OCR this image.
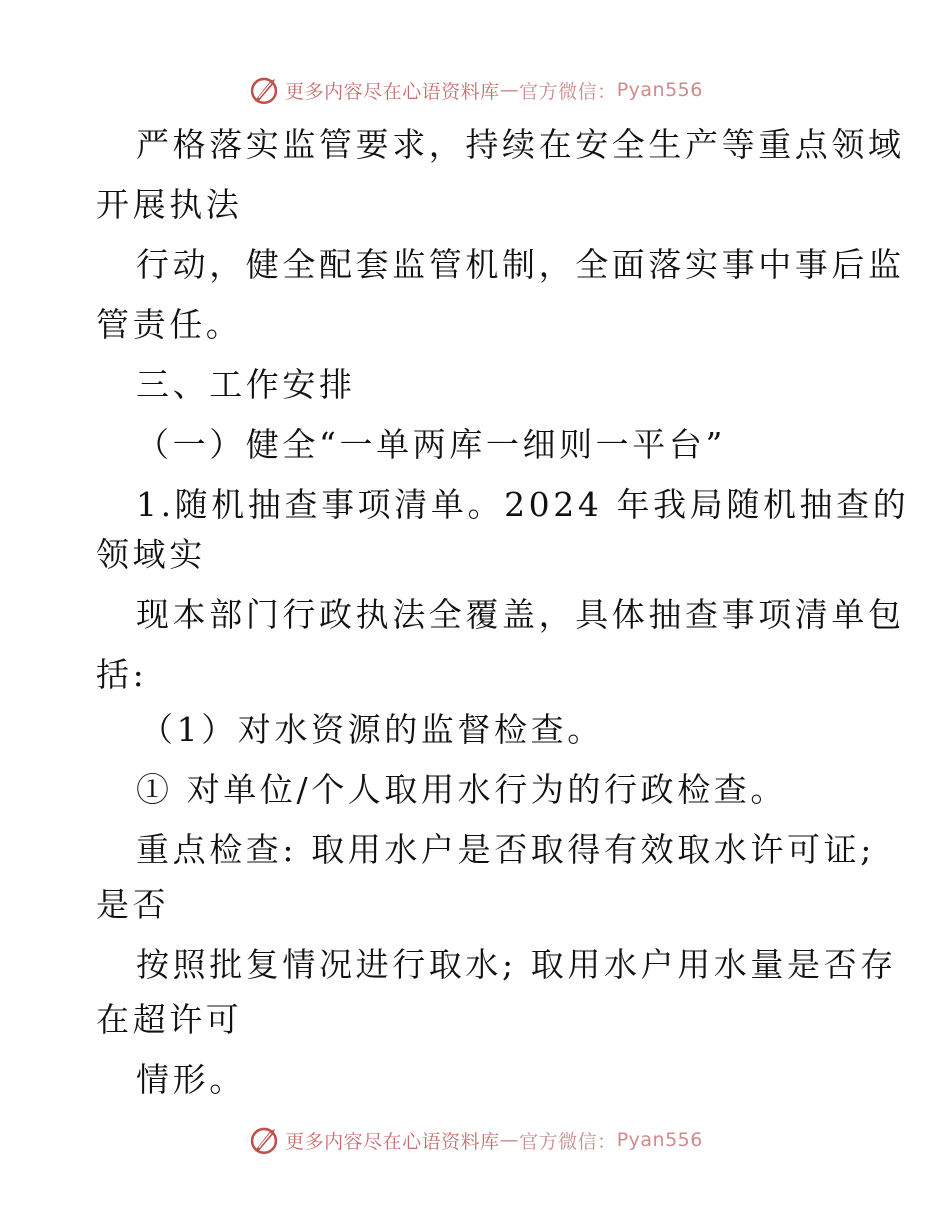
更多内容尽在心语资料库 — 官方微信： Pyan556
严格落实监管要求，持续在安全生产等重点领域
开展执法
行动，健全配套监管机制，全面落实事中事后监
管责任。
三、工作安排
（一）健全“一单两库一细则一平台”
1.随机抽查事项清单。2024 年我局随机抽查的
领域实
现本部门行政执法全覆盖，具体抽查事项清单包
括:
（1）对水资源的监督检查。
① 对单位/个人取用水行为的行政检查。
重点检查: 取用水户是否取得有效取水许可证;
是否
按照批复情况进行取水; 取用水户用水量是否存
在超许可
情形。
更多内容尽在心语资料库 — 官方微信： Pyan556
